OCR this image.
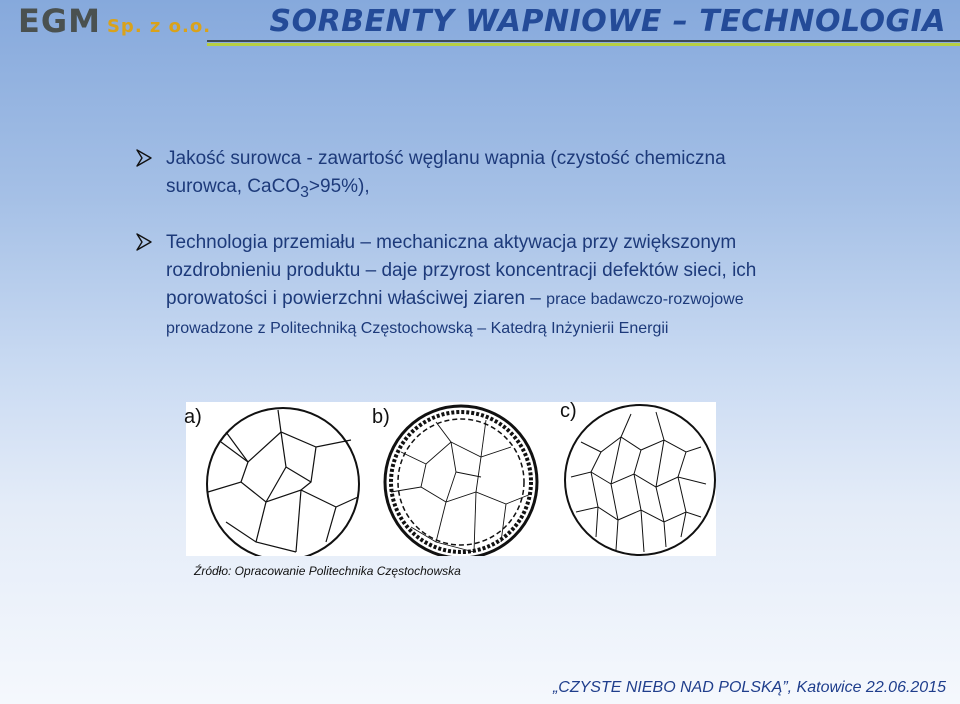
EGM Sp. z o.o. SORBENTY WAPNIOWE – TECHNOLOGIA
Jakość surowca - zawartość węglanu wapnia (czystość chemiczna surowca, CaCO$_3$>95%),
Technologia przemiału – mechaniczna aktywacja przy zwiększonym rozdrobnieniu produktu – daje przyrost koncentracji defektów sieci, ich porowatości i powierzchni właściwej ziaren – prace badawczo-rozwojowe prowadzone z Politechniką Częstochowską – Katedrą Inżynierii Energii
a)	b)	c)
Źródło: Opracowanie Politechnika Częstochowska
„CZYSTE NIEBO NAD POLSKĄ”, Katowice 22.06.2015
